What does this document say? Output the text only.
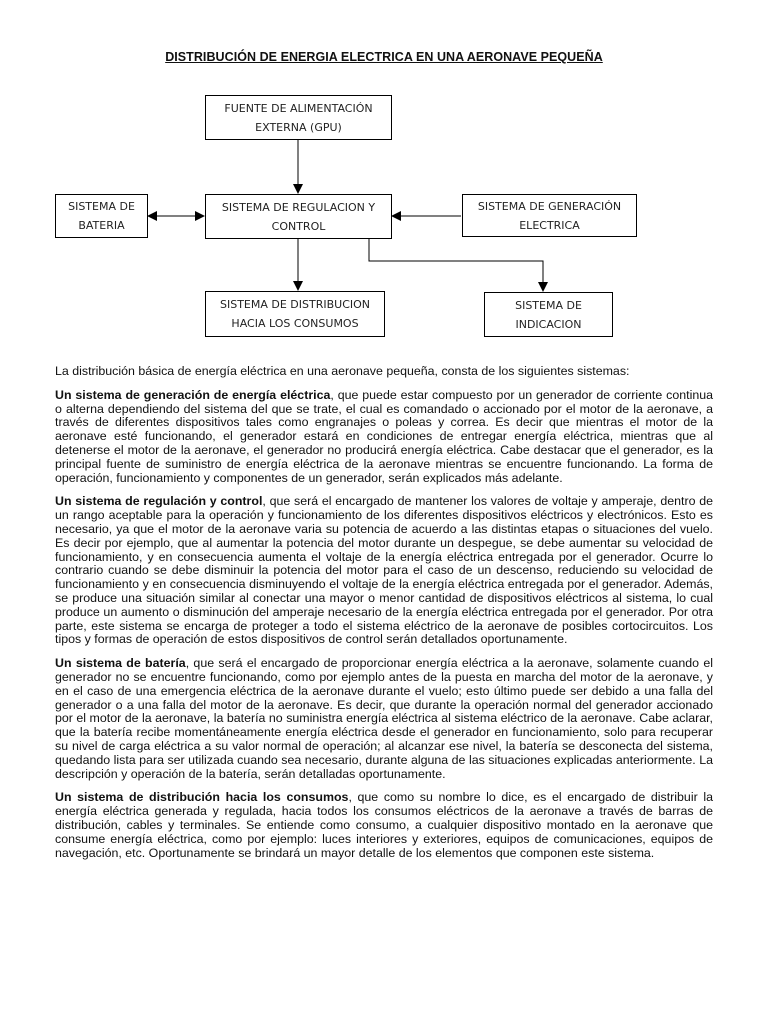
DISTRIBUCIÓN DE ENERGIA ELECTRICA EN UNA AERONAVE PEQUEÑA
FUENTE DE ALIMENTACIÓN
EXTERNA (GPU)
SISTEMA DE REGULACION Y
CONTROL
SISTEMA DE
BATERIA
SISTEMA DE GENERACIÓN
ELECTRICA
SISTEMA DE DISTRIBUCION
HACIA LOS CONSUMOS
SISTEMA DE
INDICACION

La distribución básica de energía eléctrica en una aeronave pequeña, consta de los siguientes sistemas:

Un sistema de generación de energía eléctrica, que puede estar compuesto por un generador de corriente continua o alterna dependiendo del sistema del que se trate, el cual es comandado o accionado por el motor de la aeronave, a través de diferentes dispositivos tales como engranajes o poleas y correa. Es decir que mientras el motor de la aeronave esté funcionando, el generador estará en condiciones de entregar energía eléctrica, mientras que al detenerse el motor de la aeronave, el generador no producirá energía eléctrica. Cabe destacar que el generador, es la principal fuente de suministro de energía eléctrica de la aeronave mientras se encuentre funcionando. La forma de operación, funcionamiento y componentes de un generador, serán explicados más adelante.

Un sistema de regulación y control, que será el encargado de mantener los valores de voltaje y amperaje, dentro de un rango aceptable para la operación y funcionamiento de los diferentes dispositivos eléctricos y electrónicos. Esto es necesario, ya que el motor de la aeronave varia su potencia de acuerdo a las distintas etapas o situaciones del vuelo. Es decir por ejemplo, que al aumentar la potencia del motor durante un despegue, se debe aumentar su velocidad de funcionamiento, y en consecuencia aumenta el voltaje de la energía eléctrica entregada por el generador. Ocurre lo contrario cuando se debe disminuir la potencia del motor para el caso de un descenso, reduciendo su velocidad de funcionamiento y en consecuencia disminuyendo el voltaje de la energía eléctrica entregada por el generador. Además, se produce una situación similar al conectar una mayor o menor cantidad de dispositivos eléctricos al sistema, lo cual produce un aumento o disminución del amperaje necesario de la energía eléctrica entregada por el generador. Por otra parte, este sistema se encarga de proteger a todo el sistema eléctrico de la aeronave de posibles cortocircuitos. Los tipos y formas de operación de estos dispositivos de control serán detallados oportunamente.

Un sistema de batería, que será el encargado de proporcionar energía eléctrica a la aeronave, solamente cuando el generador no se encuentre funcionando, como por ejemplo antes de la puesta en marcha del motor de la aeronave, y en el caso de una emergencia eléctrica de la aeronave durante el vuelo; esto último puede ser debido a una falla del generador o a una falla del motor de la aeronave. Es decir, que durante la operación normal del generador accionado por el motor de la aeronave, la batería no suministra energía eléctrica al sistema eléctrico de la aeronave. Cabe aclarar, que la batería recibe momentáneamente energía eléctrica desde el generador en funcionamiento, solo para recuperar su nivel de carga eléctrica a su valor normal de operación; al alcanzar ese nivel, la batería se desconecta del sistema, quedando lista para ser utilizada cuando sea necesario, durante alguna de las situaciones explicadas anteriormente. La descripción y operación de la batería, serán detalladas oportunamente.

Un sistema de distribución hacia los consumos, que como su nombre lo dice, es el encargado de distribuir la energía eléctrica generada y regulada, hacia todos los consumos eléctricos de la aeronave a través de barras de distribución, cables y terminales. Se entiende como consumo, a cualquier dispositivo montado en la aeronave que consume energía eléctrica, como por ejemplo: luces interiores y exteriores, equipos de comunicaciones, equipos de navegación, etc. Oportunamente se brindará un mayor detalle de los elementos que componen este sistema.
